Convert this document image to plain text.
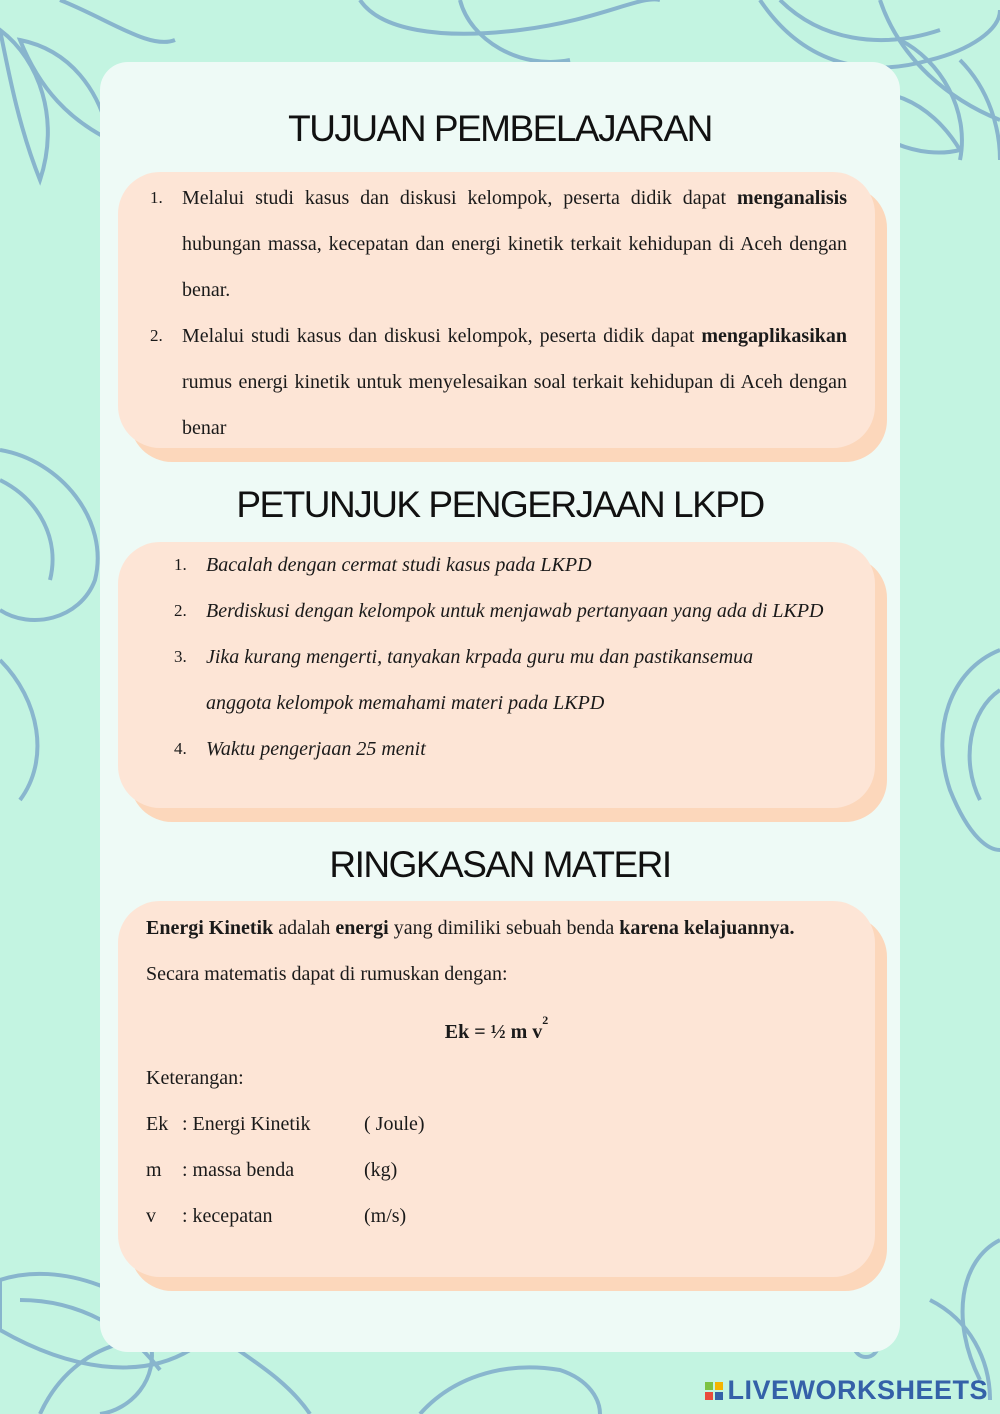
TUJUAN PEMBELAJARAN
1. Melalui studi kasus dan diskusi kelompok, peserta didik dapat menganalisis hubungan massa, kecepatan dan energi kinetik terkait kehidupan di Aceh dengan benar.
2. Melalui studi kasus dan diskusi kelompok, peserta didik dapat mengaplikasikan rumus energi kinetik untuk menyelesaikan soal terkait kehidupan di Aceh dengan benar
PETUNJUK PENGERJAAN LKPD
1. Bacalah dengan cermat studi kasus pada LKPD
2. Berdiskusi dengan kelompok untuk menjawab pertanyaan yang ada di LKPD
3. Jika kurang mengerti, tanyakan krpada guru mu dan pastikansemua anggota kelompok memahami materi pada LKPD
4. Waktu pengerjaan 25 menit
RINGKASAN MATERI

Energi Kinetik adalah energi yang dimiliki sebuah benda karena kelajuannya.

Secara matematis dapat di rumuskan dengan:

Ek = ½ m $v^2$

Keterangan:

Ek : Energi Kinetik	( Joule)
m	: massa benda	(kg)
v	: kecepatan	(m/s)
LIVEWORKSHEETS
